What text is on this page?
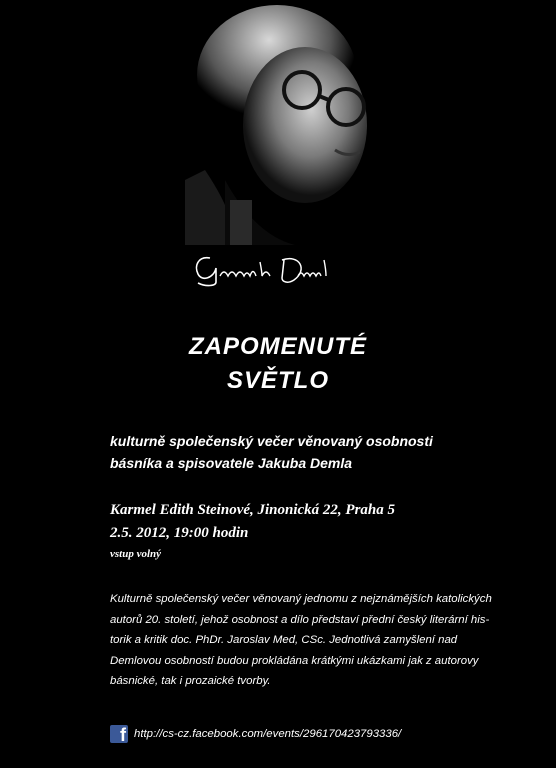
ZAPOMENUTÉ
SVĚTLO
kulturně společenský večer věnovaný osobnosti
básníka a spisovatele Jakuba Demla
Karmel Edith Steinové, Jinonická 22, Praha 5
2.5. 2012, 19:00 hodin
vstup volný
Kulturně společenský večer věnovaný jednomu z nejznámějších katolických
autorů 20. století, jehož osobnost a dílo představí přední český literární his-
torik a kritik doc. PhDr. Jaroslav Med, CSc. Jednotlivá zamyšlení nad
Demlovou osobností budou prokládána krátkými ukázkami jak z autorovy
básnické, tak i prozaické tvorby.
f http://cs-cz.facebook.com/events/296170423793336/
